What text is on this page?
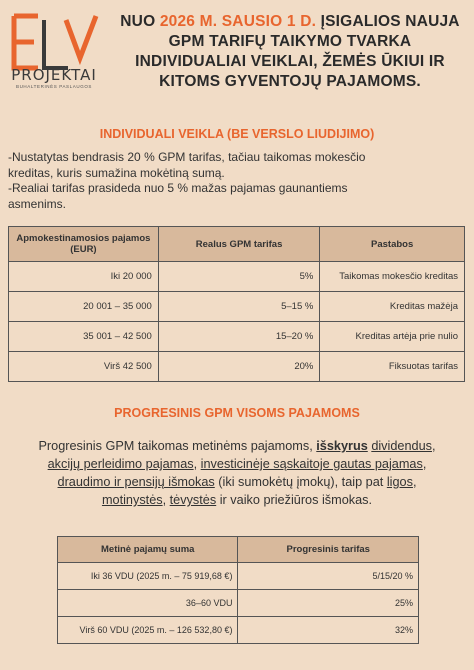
PROJEKTAI
BUHALTERINĖS PASLAUGOS
NUO 2026 M. SAUSIO 1 D. ĮSIGALIOS NAUJA
GPM TARIFŲ TAIKYMO TVARKA
INDIVIDUALIAI VEIKLAI, ŽEMĖS ŪKIUI IR
KITOMS GYVENTOJŲ PAJAMOMS.
INDIVIDUALI VEIKLA (BE VERSLO LIUDIJIMO)
-Nustatytas bendrasis 20 % GPM tarifas, tačiau taikomas mokesčio
kreditas, kuris sumažina mokėtiną sumą.
-Realiai tarifas prasideda nuo 5 % mažas pajamas gaunantiems
asmenims.
Apmokestinamosios pajamos (EUR)	Realus GPM tarifas	Pastabos
Iki 20 000	5%	Taikomas mokesčio kreditas
20 001 – 35 000	5–15 %	Kreditas mažėja
35 001 – 42 500	15–20 %	Kreditas artėja prie nulio
Virš 42 500	20%	Fiksuotas tarifas
PROGRESINIS GPM VISOMS PAJAMOMS
Progresinis GPM taikomas metinėms pajamoms, išskyrus dividendus,
akcijų perleidimo pajamas, investicinėje sąskaitoje gautas pajamas,
draudimo ir pensijų išmokas (iki sumokėtų įmokų), taip pat ligos,
motinystės, tėvystės ir vaiko priežiūros išmokas.
Metinė pajamų suma	Progresinis tarifas
Iki 36 VDU (2025 m. – 75 919,68 €)	5/15/20 %
36–60 VDU	25%
Virš 60 VDU (2025 m. – 126 532,80 €)	32%
